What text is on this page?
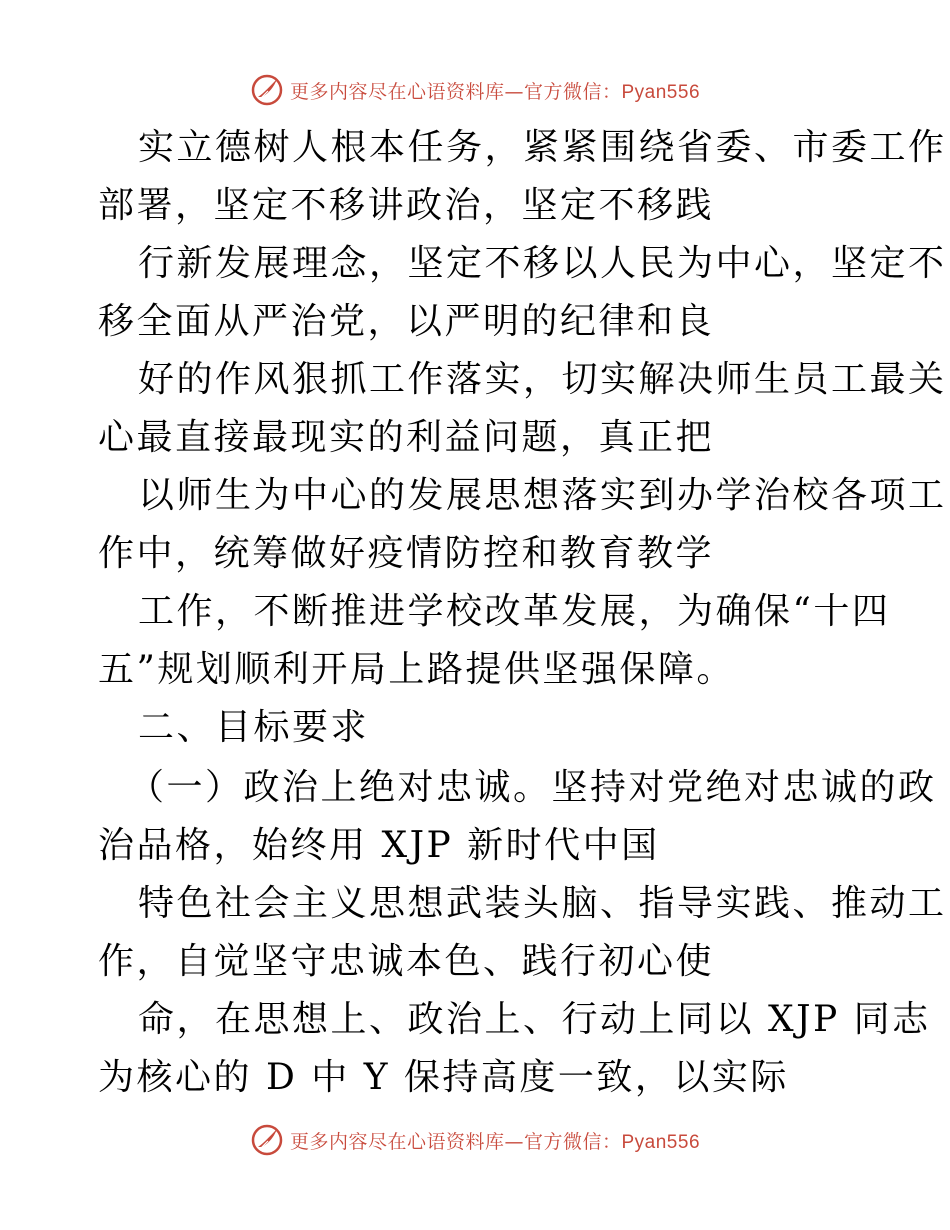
更多内容尽在心语资料库—官方微信：Pyan556
实立德树人根本任务，紧紧围绕省委、市委工作
部署，坚定不移讲政治，坚定不移践
行新发展理念，坚定不移以人民为中心，坚定不
移全面从严治党，以严明的纪律和良
好的作风狠抓工作落实，切实解决师生员工最关
心最直接最现实的利益问题，真正把
以师生为中心的发展思想落实到办学治校各项工
作中，统筹做好疫情防控和教育教学
工作，不断推进学校改革发展，为确保“十四
五”规划顺利开局上路提供坚强保障。
二、目标要求
（一）政治上绝对忠诚。坚持对党绝对忠诚的政
治品格，始终用 XJP 新时代中国
特色社会主义思想武装头脑、指导实践、推动工
作，自觉坚守忠诚本色、践行初心使
命，在思想上、政治上、行动上同以 XJP 同志
为核心的 D 中 Y 保持高度一致，以实际
更多内容尽在心语资料库—官方微信：Pyan556
